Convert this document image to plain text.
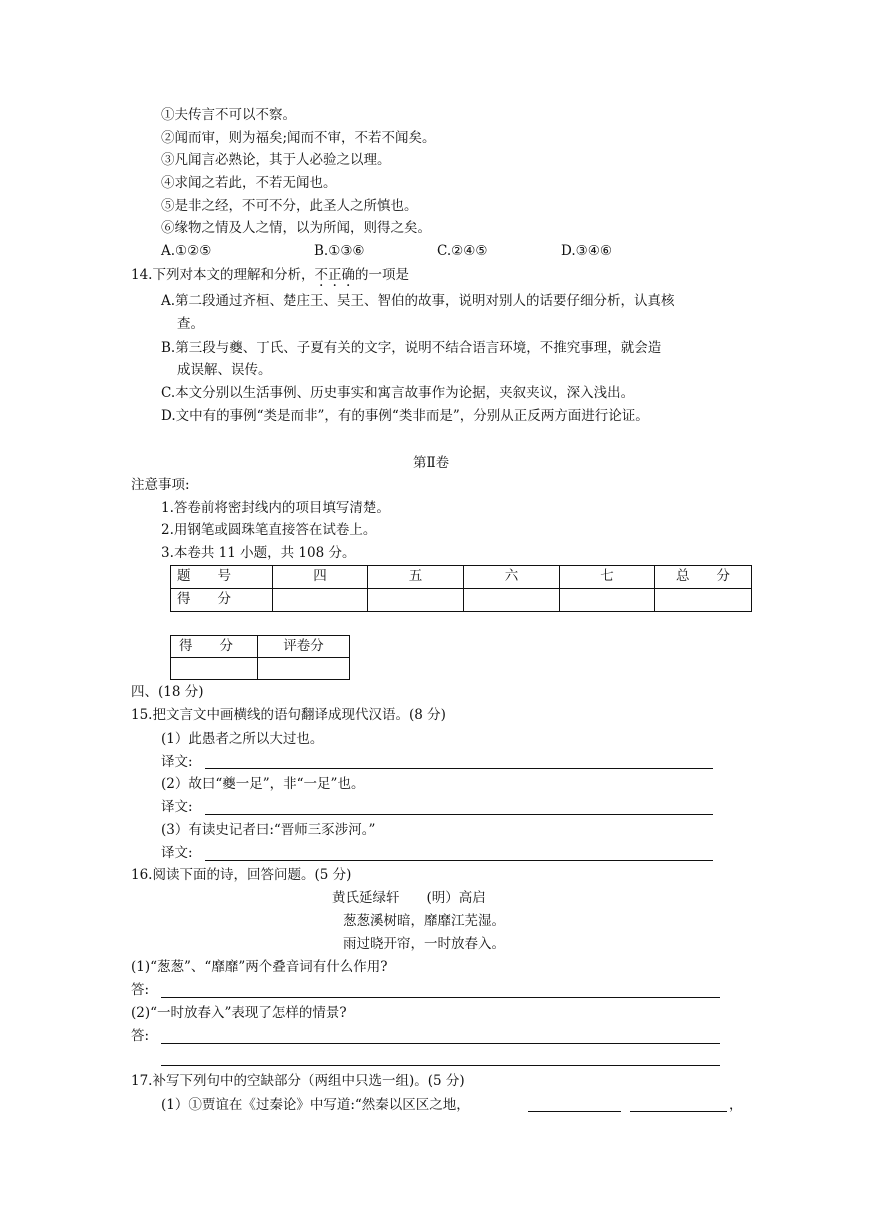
①夫传言不可以不察。
②闻而审，则为福矣;闻而不审，不若不闻矣。
③凡闻言必熟论，其于人必验之以理。
④求闻之若此，不若无闻也。
⑤是非之经，不可不分，此圣人之所慎也。
⑥缘物之情及人之情，以为所闻，则得之矣。
A.①②⑤	B.①③⑥	C.②④⑤	D.③④⑥
14.下列对本文的理解和分析，不正确的一项是
A.第二段通过齐桓、楚庄王、吴王、智伯的故事，说明对别人的话要仔细分析，认真核
查。
B.第三段与夔、丁氏、子夏有关的文字，说明不结合语言环境，不推究事理，就会造
成误解、误传。
C.本文分别以生活事例、历史事实和寓言故事作为论据，夹叙夹议，深入浅出。
D.文中有的事例“类是而非”，有的事例“类非而是”，分别从正反两方面进行论证。
第Ⅱ卷
注意事项:
1.答卷前将密封线内的项目填写清楚。
2.用钢笔或圆珠笔直接答在试卷上。
3.本卷共 11 小题，共 108 分。
题　　号	四	五	六	七	总　　分
得　　分					
得　　分	评卷分

四、(18 分)
15.把文言文中画横线的语句翻译成现代汉语。(8 分)
(1）此愚者之所以大过也。
译文:
(2）故曰“夔一足”，非“一足”也。
译文:
(3）有读史记者曰:“晋师三豕涉河。”
译文:
16.阅读下面的诗，回答问题。(5 分)
黄氏延绿轩　　(明）高启
葱葱溪树暗，靡靡江芜湿。
雨过晓开帘，一时放春入。
(1)“葱葱”、“靡靡”两个叠音词有什么作用?
答:
(2)“一时放春入”表现了怎样的情景?
答:
17.补写下列句中的空缺部分（两组中只选一组)。(5 分)
(1）①贾谊在《过秦论》中写道:“然秦以区区之地，	，
